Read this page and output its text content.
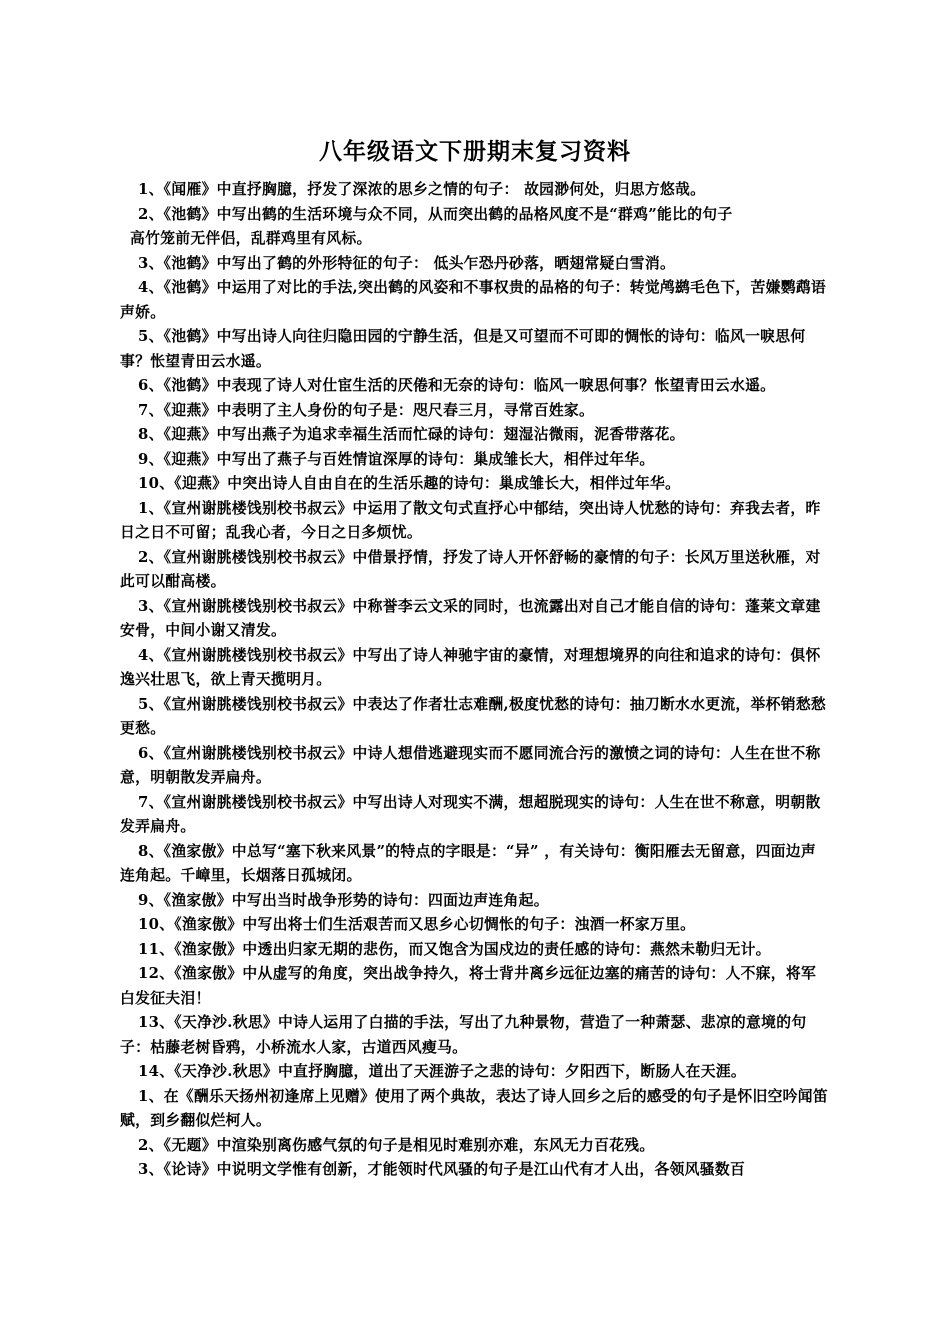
八年级语文下册期末复习资料

1、《闻雁》中直抒胸臆，抒发了深浓的思乡之情的句子： 故园渺何处，归思方悠哉。

2、《池鹤》中写出鹤的生活环境与众不同，从而突出鹤的品格风度不是“群鸡”能比的句子

高竹笼前无伴侣，乱群鸡里有风标。

3、《池鹤》中写出了鹤的外形特征的句子： 低头乍恐丹砂落，晒翅常疑白雪消。

4、《池鹤》中运用了对比的手法,突出鹤的风姿和不事权贵的品格的句子：转觉鸬鹚毛色下，苦嫌鹦鹉语声娇。

5、《池鹤》中写出诗人向往归隐田园的宁静生活，但是又可望而不可即的惆怅的诗句：临风一唳思何事？怅望青田云水遥。

6、《池鹤》中表现了诗人对仕宦生活的厌倦和无奈的诗句：临风一唳思何事？怅望青田云水遥。

7、《迎燕》中表明了主人身份的句子是：咫尺春三月，寻常百姓家。

8、《迎燕》中写出燕子为追求幸福生活而忙碌的诗句：翅湿沾微雨，泥香带落花。

9、《迎燕》中写出了燕子与百姓情谊深厚的诗句：巢成雏长大，相伴过年华。

10、《迎燕》中突出诗人自由自在的生活乐趣的诗句：巢成雏长大，相伴过年华。

1、《宣州谢朓楼饯别校书叔云》中运用了散文句式直抒心中郁结，突出诗人忧愁的诗句：弃我去者，昨日之日不可留；乱我心者，今日之日多烦忧。

2、《宣州谢朓楼饯别校书叔云》中借景抒情，抒发了诗人开怀舒畅的豪情的句子：长风万里送秋雁，对此可以酣高楼。

3、《宣州谢朓楼饯别校书叔云》中称誉李云文采的同时，也流露出对自己才能自信的诗句：蓬莱文章建安骨，中间小谢又清发。

4、《宣州谢朓楼饯别校书叔云》中写出了诗人神驰宇宙的豪情，对理想境界的向往和追求的诗句：俱怀逸兴壮思飞，欲上青天揽明月。

5、《宣州谢朓楼饯别校书叔云》中表达了作者壮志难酬,极度忧愁的诗句：抽刀断水水更流，举杯销愁愁更愁。

6、《宣州谢朓楼饯别校书叔云》中诗人想借逃避现实而不愿同流合污的激愤之词的诗句：人生在世不称意，明朝散发弄扁舟。

7、《宣州谢朓楼饯别校书叔云》中写出诗人对现实不满，想超脱现实的诗句：人生在世不称意，明朝散发弄扁舟。

8、《渔家傲》中总写“塞下秋来风景”的特点的字眼是：“异” ，有关诗句：衡阳雁去无留意，四面边声连角起。千嶂里，长烟落日孤城闭。

9、《渔家傲》中写出当时战争形势的诗句：四面边声连角起。

10、《渔家傲》中写出将士们生活艰苦而又思乡心切惆怅的句子：浊酒一杯家万里。

11、《渔家傲》中透出归家无期的悲伤，而又饱含为国戍边的责任感的诗句：燕然未勒归无计。

12、《渔家傲》中从虚写的角度，突出战争持久，将士背井离乡远征边塞的痛苦的诗句：人不寐，将军白发征夫泪！

13、《天净沙.秋思》中诗人运用了白描的手法，写出了九种景物，营造了一种萧瑟、悲凉的意境的句子：枯藤老树昏鸦，小桥流水人家，古道西风瘦马。

14、《天净沙.秋思》中直抒胸臆，道出了天涯游子之悲的诗句：夕阳西下，断肠人在天涯。

1、在《酬乐天扬州初逢席上见赠》使用了两个典故，表达了诗人回乡之后的感受的句子是怀旧空吟闻笛赋，到乡翻似烂柯人。

2、《无题》中渲染别离伤感气氛的句子是相见时难别亦难，东风无力百花残。

3、《论诗》中说明文学惟有创新，才能领时代风骚的句子是江山代有才人出，各领风骚数百
